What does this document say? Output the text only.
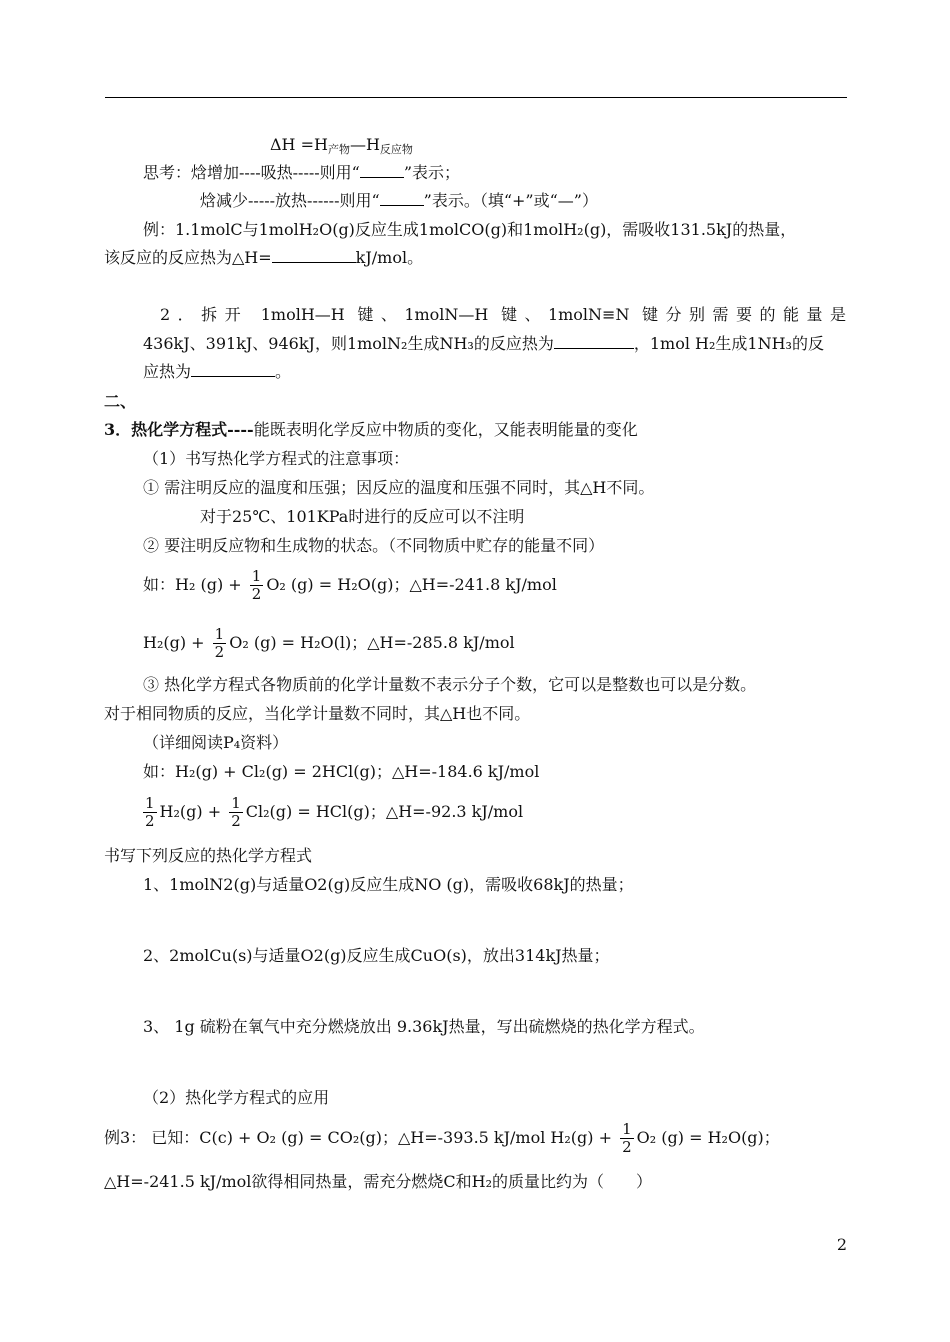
ΔH =H产物—H反应物
思考：焓增加----吸热-----则用“	”表示；
焓减少-----放热------则用“	”表示。（填“+”或“—”）
例：1.1molC与1molH₂O(g)反应生成1molCO(g)和1molH₂(g)，需吸收131.5kJ的热量，
该反应的反应热为△H=	kJ/mol。
2．拆开 1molH—H 键、1molN—H 键、1molN≡N 键分别需要的能量是
436kJ、391kJ、946kJ，则1molN₂生成NH₃的反应热为	，1mol H₂生成1NH₃的反
应热为	。
二、
3．热化学方程式----能既表明化学反应中物质的变化，又能表明能量的变化
（1）书写热化学方程式的注意事项：
① 需注明反应的温度和压强；因反应的温度和压强不同时，其△H不同。
对于25℃、101KPa时进行的反应可以不注明
② 要注明反应物和生成物的状态。（不同物质中贮存的能量不同）
如：H₂ $(g) + \frac{1}{2} O_2$ (g) = H₂O(g)；△H=-241.8 kJ/mol
$H_2(g) + \frac{1}{2} O_2$ (g) = H₂O(l)；△H=-285.8 kJ/mol
③ 热化学方程式各物质前的化学计量数不表示分子个数，它可以是整数也可以是分数。
对于相同物质的反应，当化学计量数不同时，其△H也不同。
（详细阅读P₄资料）
如：H₂(g) + Cl₂(g) = 2HCl(g)；△H=-184.6 kJ/mol
$\frac{1}{2} H_2(g) + \frac{1}{2} Cl_2(g) = HCl(g)$；△H=-92.3 kJ/mol
书写下列反应的热化学方程式
1、1molN2(g)与适量O2(g)反应生成NO (g)，需吸收68kJ的热量；
2、2molCu(s)与适量O2(g)反应生成CuO(s)，放出314kJ热量；
3、 1g 硫粉在氧气中充分燃烧放出 9.36kJ热量，写出硫燃烧的热化学方程式。
（2）热化学方程式的应用
例3： 已知：C(c) + O₂ (g) = CO₂(g)；△H=-393.5 kJ/mol $H_2(g) + \frac{1}{2} O_2$ (g) = H₂O(g)；
△H=-241.5 kJ/mol欲得相同热量，需充分燃烧C和H₂的质量比约为（　　）
2
